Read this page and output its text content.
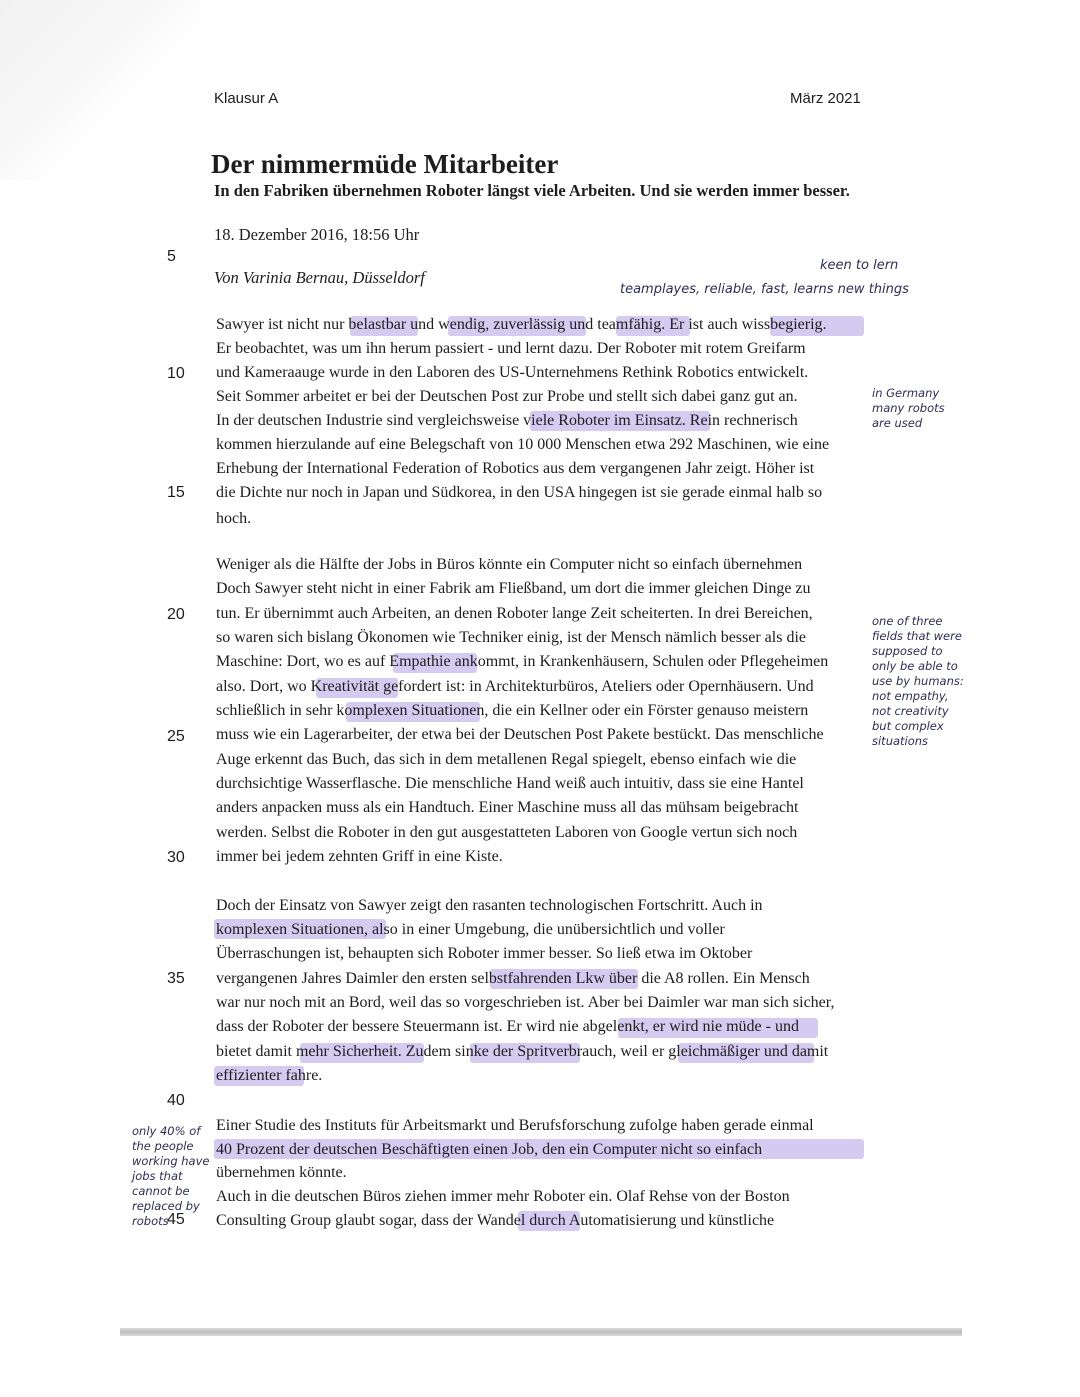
Klausur A	März 2021
Der nimmermüde Mitarbeiter
In den Fabriken übernehmen Roboter längst viele Arbeiten. Und sie werden immer besser.
18. Dezember 2016, 18:56 Uhr
Von Varinia Bernau, Düsseldorf
5
10
15
20
25
30
35
40
45
Sawyer ist nicht nur belastbar und wendig, zuverlässig und teamfähig. Er ist auch wissbegierig.
Er beobachtet, was um ihn herum passiert - und lernt dazu. Der Roboter mit rotem Greifarm
und Kameraauge wurde in den Laboren des US-Unternehmens Rethink Robotics entwickelt.
Seit Sommer arbeitet er bei der Deutschen Post zur Probe und stellt sich dabei ganz gut an.
In der deutschen Industrie sind vergleichsweise viele Roboter im Einsatz. Rein rechnerisch
kommen hierzulande auf eine Belegschaft von 10 000 Menschen etwa 292 Maschinen, wie eine
Erhebung der International Federation of Robotics aus dem vergangenen Jahr zeigt. Höher ist
die Dichte nur noch in Japan und Südkorea, in den USA hingegen ist sie gerade einmal halb so
hoch.
Weniger als die Hälfte der Jobs in Büros könnte ein Computer nicht so einfach übernehmen
Doch Sawyer steht nicht in einer Fabrik am Fließband, um dort die immer gleichen Dinge zu
tun. Er übernimmt auch Arbeiten, an denen Roboter lange Zeit scheiterten. In drei Bereichen,
so waren sich bislang Ökonomen wie Techniker einig, ist der Mensch nämlich besser als die
Maschine: Dort, wo es auf Empathie ankommt, in Krankenhäusern, Schulen oder Pflegeheimen
also. Dort, wo Kreativität gefordert ist: in Architekturbüros, Ateliers oder Opernhäusern. Und
schließlich in sehr komplexen Situationen, die ein Kellner oder ein Förster genauso meistern
muss wie ein Lagerarbeiter, der etwa bei der Deutschen Post Pakete bestückt. Das menschliche
Auge erkennt das Buch, das sich in dem metallenen Regal spiegelt, ebenso einfach wie die
durchsichtige Wasserflasche. Die menschliche Hand weiß auch intuitiv, dass sie eine Hantel
anders anpacken muss als ein Handtuch. Einer Maschine muss all das mühsam beigebracht
werden. Selbst die Roboter in den gut ausgestatteten Laboren von Google vertun sich noch
immer bei jedem zehnten Griff in eine Kiste.
Doch der Einsatz von Sawyer zeigt den rasanten technologischen Fortschritt. Auch in
komplexen Situationen, also in einer Umgebung, die unübersichtlich und voller
Überraschungen ist, behaupten sich Roboter immer besser. So ließ etwa im Oktober
vergangenen Jahres Daimler den ersten selbstfahrenden Lkw über die A8 rollen. Ein Mensch
war nur noch mit an Bord, weil das so vorgeschrieben ist. Aber bei Daimler war man sich sicher,
dass der Roboter der bessere Steuermann ist. Er wird nie abgelenkt, er wird nie müde - und
bietet damit mehr Sicherheit. Zudem sinke der Spritverbrauch, weil er gleichmäßiger und damit
effizienter fahre.
Einer Studie des Instituts für Arbeitsmarkt und Berufsforschung zufolge haben gerade einmal
40 Prozent der deutschen Beschäftigten einen Job, den ein Computer nicht so einfach
übernehmen könnte.
Auch in die deutschen Büros ziehen immer mehr Roboter ein. Olaf Rehse von der Boston
Consulting Group glaubt sogar, dass der Wandel durch Automatisierung und künstliche
keen to lern
teamplayes, reliable, fast, learns new things
in Germany many robots are used
one of three fields that were supposed to only be able to use by humans: not empathy, not creativity but complex situations
only 40% of the people working have jobs that cannot be replaced by robots
